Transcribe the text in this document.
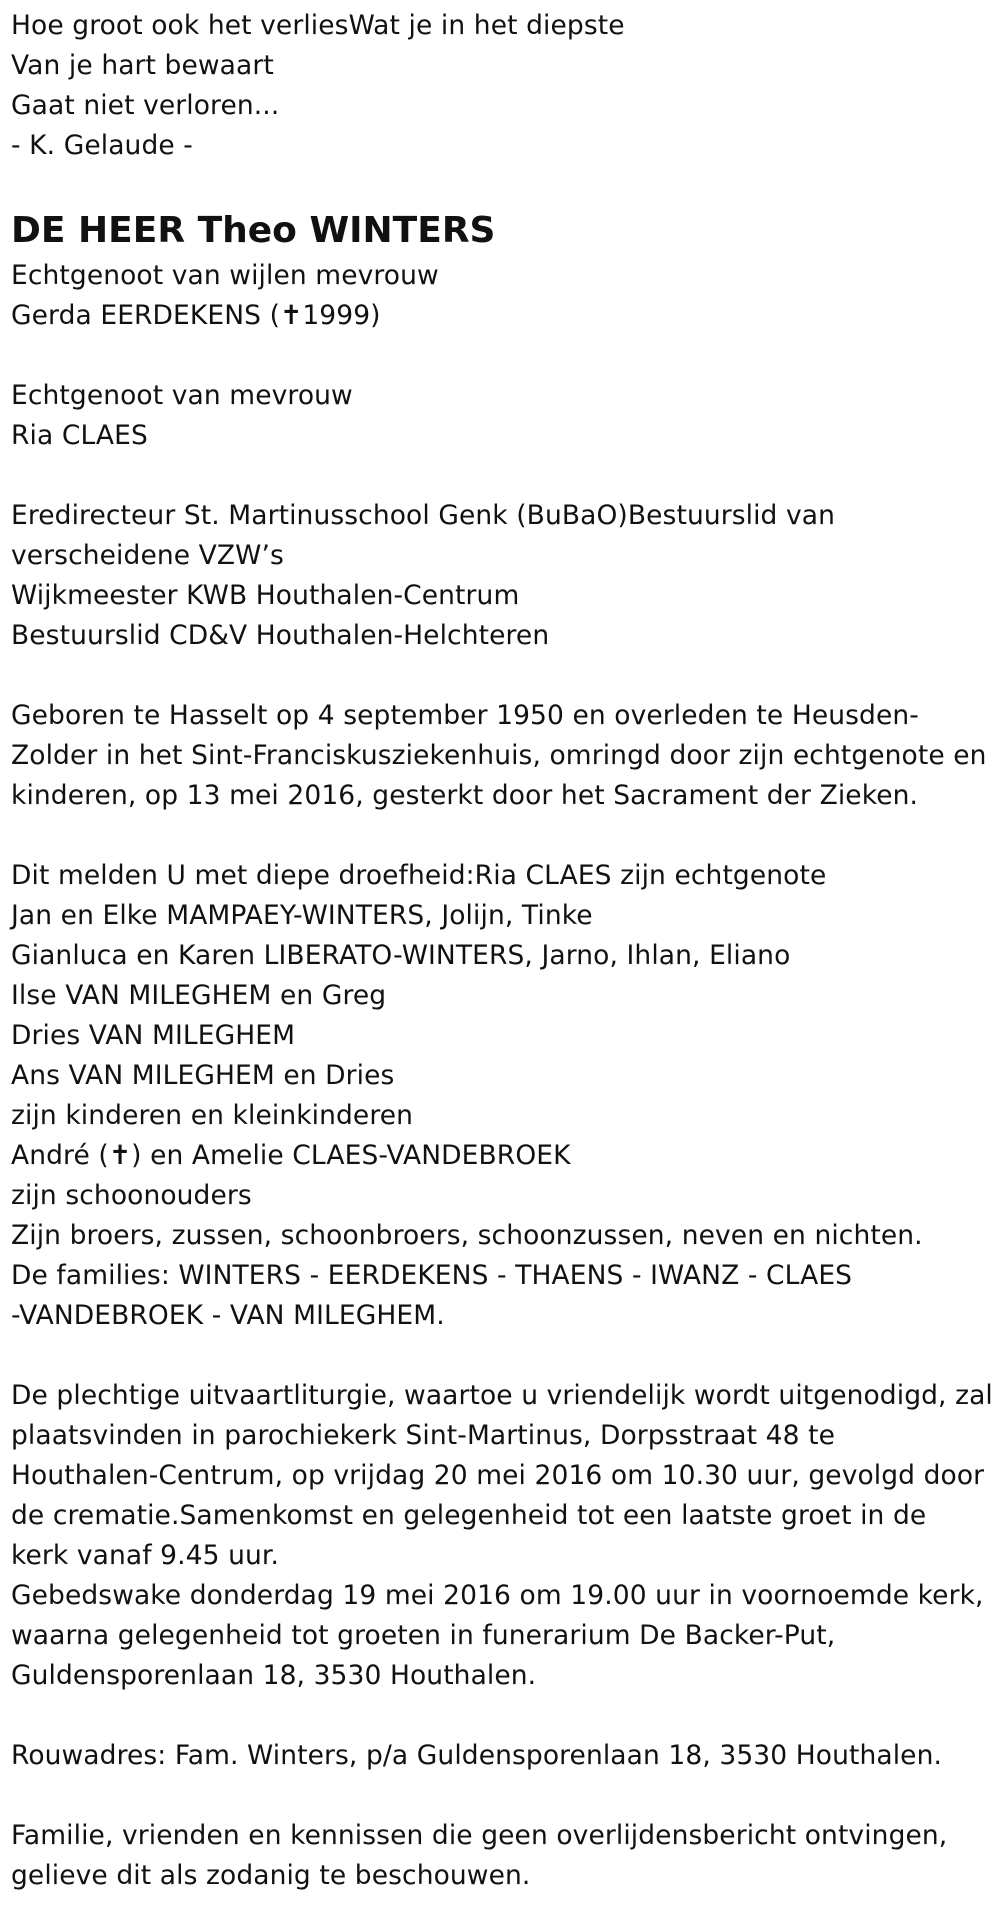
Hoe groot ook het verliesWat je in het diepste
Van je hart bewaart
Gaat niet verloren...
- K. Gelaude -
DE HEER Theo WINTERS
Echtgenoot van wijlen mevrouw
Gerda EERDEKENS (✝1999)
Echtgenoot van mevrouw
Ria CLAES
Eredirecteur St. Martinusschool Genk (BuBaO)Bestuurslid van
verscheidene VZW’s
Wijkmeester KWB Houthalen-Centrum
Bestuurslid CD&V Houthalen-Helchteren
Geboren te Hasselt op 4 september 1950 en overleden te Heusden-
Zolder in het Sint-Franciskusziekenhuis, omringd door zijn echtgenote en
kinderen, op 13 mei 2016, gesterkt door het Sacrament der Zieken.
Dit melden U met diepe droefheid:Ria CLAES zijn echtgenote
Jan en Elke MAMPAEY-WINTERS, Jolijn, Tinke
Gianluca en Karen LIBERATO-WINTERS, Jarno, Ihlan, Eliano
Ilse VAN MILEGHEM en Greg
Dries VAN MILEGHEM
Ans VAN MILEGHEM en Dries
zijn kinderen en kleinkinderen
André (✝) en Amelie CLAES-VANDEBROEK
zijn schoonouders
Zijn broers, zussen, schoonbroers, schoonzussen, neven en nichten.
De families: WINTERS - EERDEKENS - THAENS - IWANZ - CLAES
-VANDEBROEK - VAN MILEGHEM.
De plechtige uitvaartliturgie, waartoe u vriendelijk wordt uitgenodigd, zal
plaatsvinden in parochiekerk Sint-Martinus, Dorpsstraat 48 te
Houthalen-Centrum, op vrijdag 20 mei 2016 om 10.30 uur, gevolgd door
de crematie.Samenkomst en gelegenheid tot een laatste groet in de
kerk vanaf 9.45 uur.
Gebedswake donderdag 19 mei 2016 om 19.00 uur in voornoemde kerk,
waarna gelegenheid tot groeten in funerarium De Backer-Put,
Guldensporenlaan 18, 3530 Houthalen.
Rouwadres: Fam. Winters, p/a Guldensporenlaan 18, 3530 Houthalen.
Familie, vrienden en kennissen die geen overlijdensbericht ontvingen,
gelieve dit als zodanig te beschouwen.
